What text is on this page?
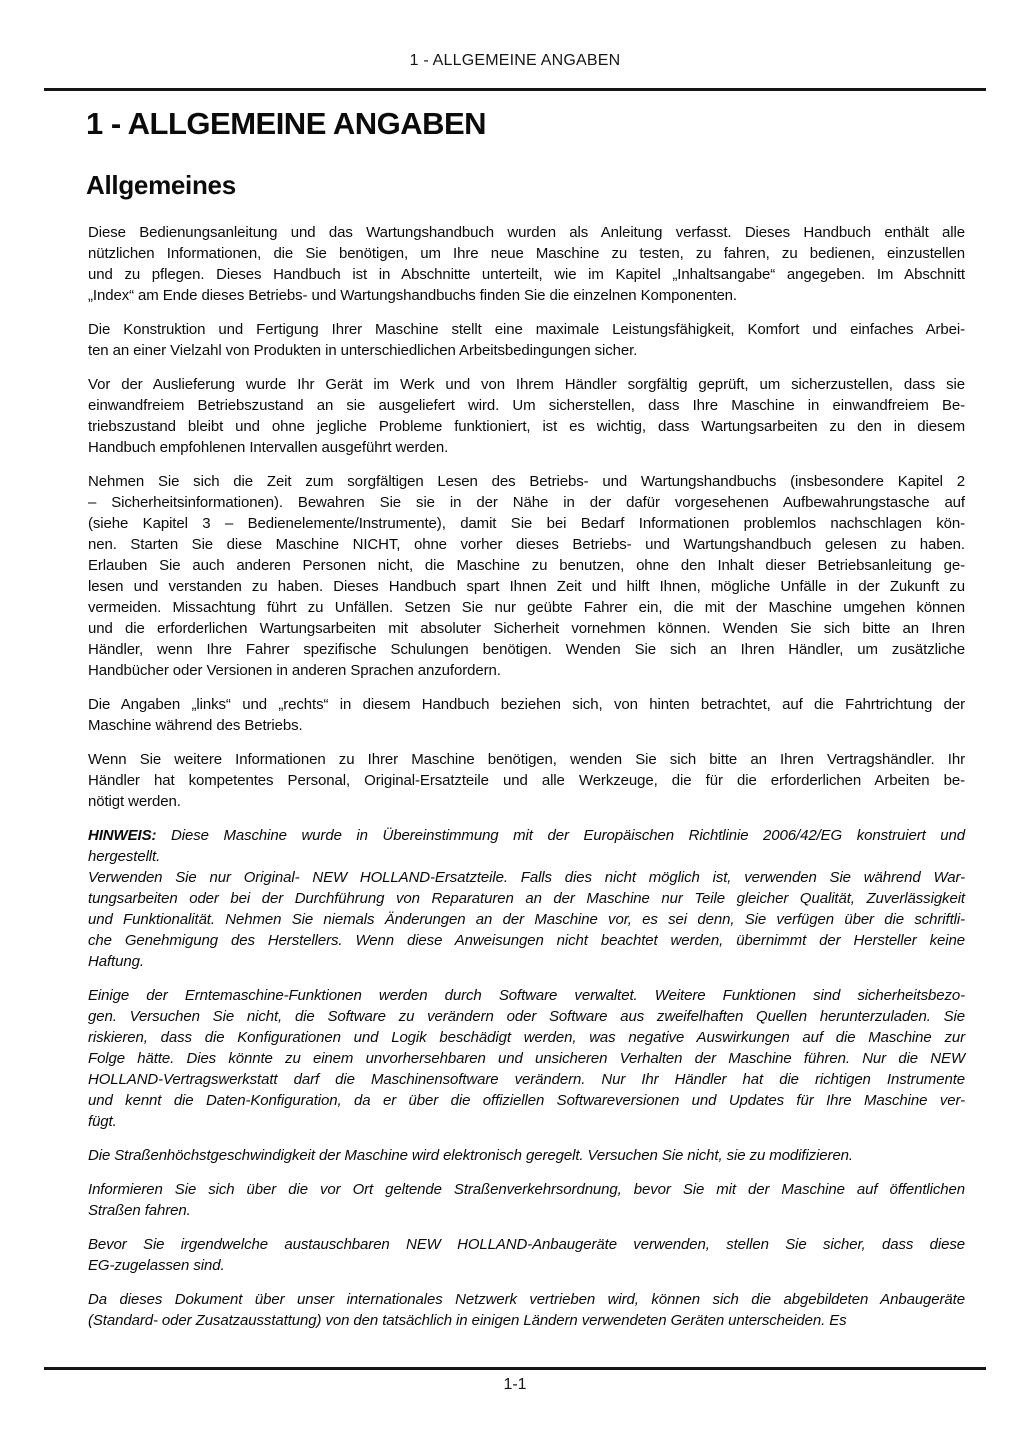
1 - ALLGEMEINE ANGABEN
1 - ALLGEMEINE ANGABEN
Allgemeines
Diese Bedienungsanleitung und das Wartungshandbuch wurden als Anleitung verfasst. Dieses Handbuch enthält alle
nützlichen Informationen, die Sie benötigen, um Ihre neue Maschine zu testen, zu fahren, zu bedienen, einzustellen
und zu pflegen. Dieses Handbuch ist in Abschnitte unterteilt, wie im Kapitel „Inhaltsangabe“ angegeben. Im Abschnitt
„Index“ am Ende dieses Betriebs- und Wartungshandbuchs finden Sie die einzelnen Komponenten.
Die Konstruktion und Fertigung Ihrer Maschine stellt eine maximale Leistungsfähigkeit, Komfort und einfaches Arbei-
ten an einer Vielzahl von Produkten in unterschiedlichen Arbeitsbedingungen sicher.
Vor der Auslieferung wurde Ihr Gerät im Werk und von Ihrem Händler sorgfältig geprüft, um sicherzustellen, dass sie
einwandfreiem Betriebszustand an sie ausgeliefert wird. Um sicherstellen, dass Ihre Maschine in einwandfreiem Be-
triebszustand bleibt und ohne jegliche Probleme funktioniert, ist es wichtig, dass Wartungsarbeiten zu den in diesem
Handbuch empfohlenen Intervallen ausgeführt werden.
Nehmen Sie sich die Zeit zum sorgfältigen Lesen des Betriebs- und Wartungshandbuchs (insbesondere Kapitel 2
– Sicherheitsinformationen). Bewahren Sie sie in der Nähe in der dafür vorgesehenen Aufbewahrungstasche auf
(siehe Kapitel 3 – Bedienelemente/Instrumente), damit Sie bei Bedarf Informationen problemlos nachschlagen kön-
nen. Starten Sie diese Maschine NICHT, ohne vorher dieses Betriebs- und Wartungshandbuch gelesen zu haben.
Erlauben Sie auch anderen Personen nicht, die Maschine zu benutzen, ohne den Inhalt dieser Betriebsanleitung ge-
lesen und verstanden zu haben. Dieses Handbuch spart Ihnen Zeit und hilft Ihnen, mögliche Unfälle in der Zukunft zu
vermeiden. Missachtung führt zu Unfällen. Setzen Sie nur geübte Fahrer ein, die mit der Maschine umgehen können
und die erforderlichen Wartungsarbeiten mit absoluter Sicherheit vornehmen können. Wenden Sie sich bitte an Ihren
Händler, wenn Ihre Fahrer spezifische Schulungen benötigen. Wenden Sie sich an Ihren Händler, um zusätzliche
Handbücher oder Versionen in anderen Sprachen anzufordern.
Die Angaben „links“ und „rechts“ in diesem Handbuch beziehen sich, von hinten betrachtet, auf die Fahrtrichtung der
Maschine während des Betriebs.
Wenn Sie weitere Informationen zu Ihrer Maschine benötigen, wenden Sie sich bitte an Ihren Vertragshändler. Ihr
Händler hat kompetentes Personal, Original-Ersatzteile und alle Werkzeuge, die für die erforderlichen Arbeiten be-
nötigt werden.
HINWEIS: Diese Maschine wurde in Übereinstimmung mit der Europäischen Richtlinie 2006/42/EG konstruiert und
hergestellt.
Verwenden Sie nur Original- NEW HOLLAND-Ersatzteile. Falls dies nicht möglich ist, verwenden Sie während War-
tungsarbeiten oder bei der Durchführung von Reparaturen an der Maschine nur Teile gleicher Qualität, Zuverlässigkeit
und Funktionalität. Nehmen Sie niemals Änderungen an der Maschine vor, es sei denn, Sie verfügen über die schriftli-
che Genehmigung des Herstellers. Wenn diese Anweisungen nicht beachtet werden, übernimmt der Hersteller keine
Haftung.
Einige der Erntemaschine-Funktionen werden durch Software verwaltet. Weitere Funktionen sind sicherheitsbezo-
gen. Versuchen Sie nicht, die Software zu verändern oder Software aus zweifelhaften Quellen herunterzuladen. Sie
riskieren, dass die Konfigurationen und Logik beschädigt werden, was negative Auswirkungen auf die Maschine zur
Folge hätte. Dies könnte zu einem unvorhersehbaren und unsicheren Verhalten der Maschine führen. Nur die NEW
HOLLAND-Vertragswerkstatt darf die Maschinensoftware verändern. Nur Ihr Händler hat die richtigen Instrumente
und kennt die Daten-Konfiguration, da er über die offiziellen Softwareversionen und Updates für Ihre Maschine ver-
fügt.
Die Straßenhöchstgeschwindigkeit der Maschine wird elektronisch geregelt. Versuchen Sie nicht, sie zu modifizieren.
Informieren Sie sich über die vor Ort geltende Straßenverkehrsordnung, bevor Sie mit der Maschine auf öffentlichen
Straßen fahren.
Bevor Sie irgendwelche austauschbaren NEW HOLLAND-Anbaugeräte verwenden, stellen Sie sicher, dass diese
EG-zugelassen sind.
Da dieses Dokument über unser internationales Netzwerk vertrieben wird, können sich die abgebildeten Anbaugeräte
(Standard- oder Zusatzausstattung) von den tatsächlich in einigen Ländern verwendeten Geräten unterscheiden. Es
1-1
